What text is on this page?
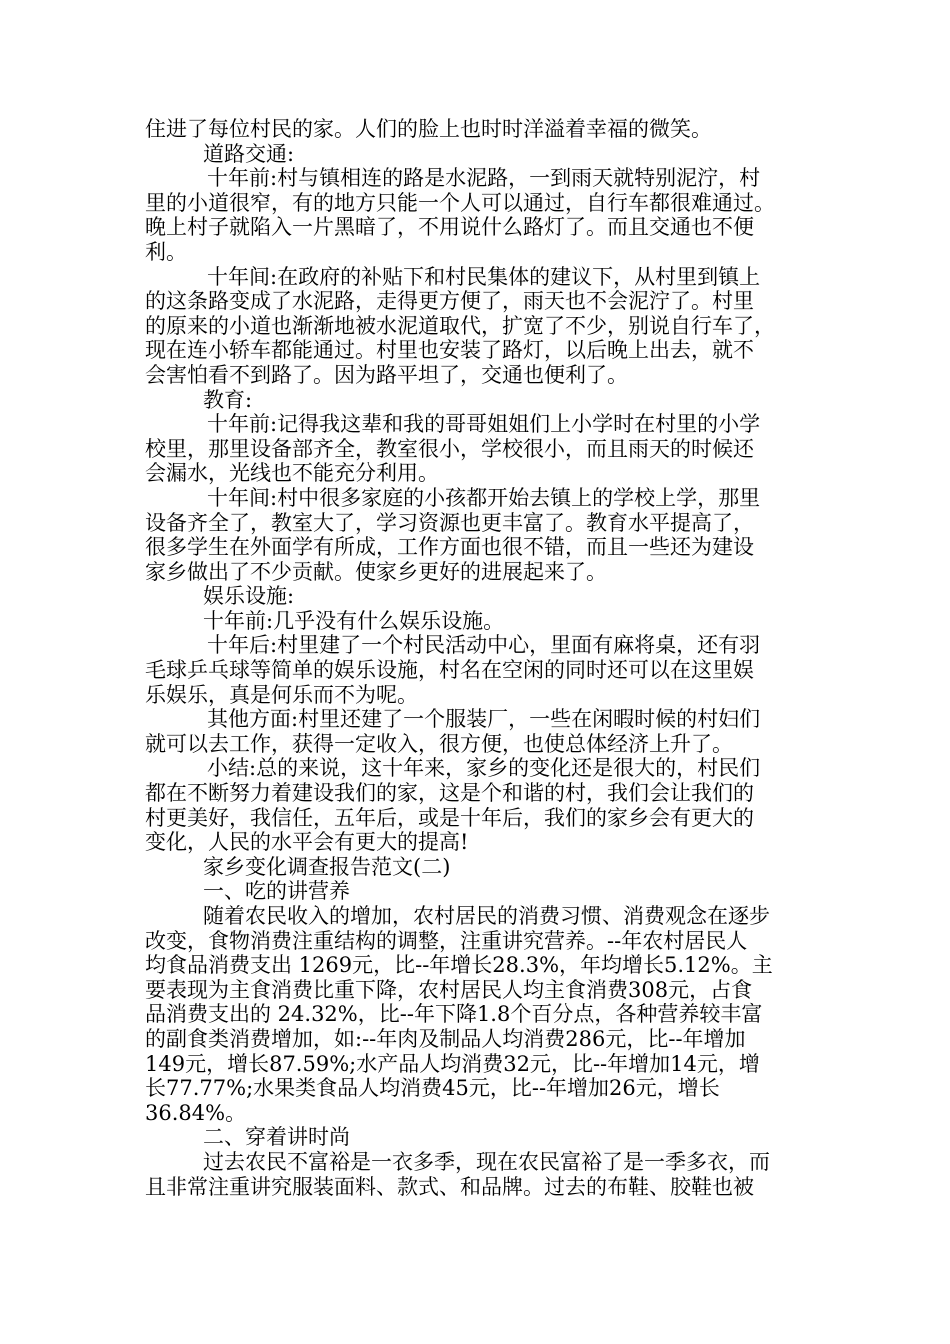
住进了每位村民的家。人们的脸上也时时洋溢着幸福的微笑。
道路交通:
十年前:村与镇相连的路是水泥路，一到雨天就特别泥泞，村
里的小道很窄，有的地方只能一个人可以通过，自行车都很难通过。
晚上村子就陷入一片黑暗了，不用说什么路灯了。而且交通也不便
利。
十年间:在政府的补贴下和村民集体的建议下，从村里到镇上
的这条路变成了水泥路，走得更方便了，雨天也不会泥泞了。村里
的原来的小道也渐渐地被水泥道取代，扩宽了不少，别说自行车了，
现在连小轿车都能通过。村里也安装了路灯，以后晚上出去，就不
会害怕看不到路了。因为路平坦了，交通也便利了。
教育:
十年前:记得我这辈和我的哥哥姐姐们上小学时在村里的小学
校里，那里设备部齐全，教室很小，学校很小，而且雨天的时候还
会漏水，光线也不能充分利用。
十年间:村中很多家庭的小孩都开始去镇上的学校上学，那里
设备齐全了，教室大了，学习资源也更丰富了。教育水平提高了，
很多学生在外面学有所成，工作方面也很不错，而且一些还为建设
家乡做出了不少贡献。使家乡更好的进展起来了。
娱乐设施:
十年前:几乎没有什么娱乐设施。
十年后:村里建了一个村民活动中心，里面有麻将桌，还有羽
毛球乒乓球等简单的娱乐设施，村名在空闲的同时还可以在这里娱
乐娱乐，真是何乐而不为呢。
其他方面:村里还建了一个服装厂，一些在闲暇时候的村妇们
就可以去工作，获得一定收入，很方便，也使总体经济上升了。
小结:总的来说，这十年来，家乡的变化还是很大的，村民们
都在不断努力着建设我们的家，这是个和谐的村，我们会让我们的
村更美好，我信任，五年后，或是十年后，我们的家乡会有更大的
变化，人民的水平会有更大的提高!
家乡变化调查报告范文(二)
一、吃的讲营养
随着农民收入的增加，农村居民的消费习惯、消费观念在逐步
改变，食物消费注重结构的调整，注重讲究营养。--年农村居民人
均食品消费支出 1269元，比--年增长28.3%，年均增长5.12%。主
要表现为主食消费比重下降，农村居民人均主食消费308元，占食
品消费支出的 24.32%，比--年下降1.8个百分点，各种营养较丰富
的副食类消费增加，如:--年肉及制品人均消费286元，比--年增加
149元，增长87.59%;水产品人均消费32元，比--年增加14元，增
长77.77%;水果类食品人均消费45元，比--年增加26元，增长
36.84%。
二、穿着讲时尚
过去农民不富裕是一衣多季，现在农民富裕了是一季多衣，而
且非常注重讲究服装面料、款式、和品牌。过去的布鞋、胶鞋也被
